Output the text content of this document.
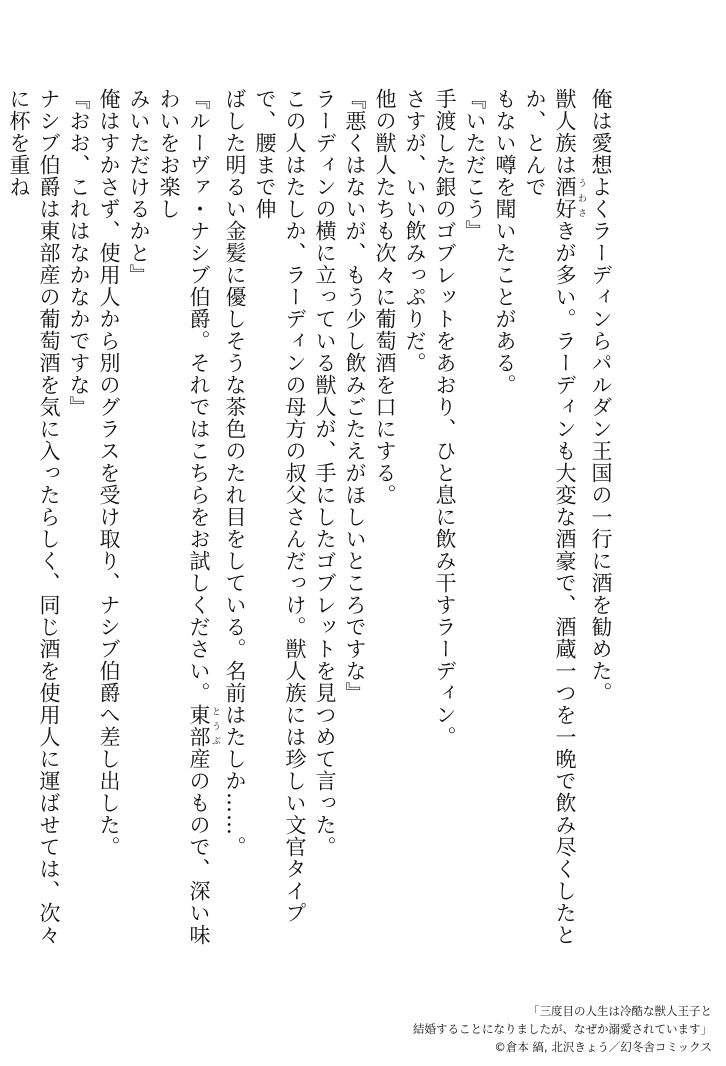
俺は愛想よくラーディンらパルダン王国の一行に酒を勧めた。

獣人族は酒好 うわさきが多い。ラーディンも大変な酒豪で、酒蔵一つを一晩で飲み尽くしたとか、とんで

もない噂を聞いたことがある。

『いただこう』

手渡した銀のゴブレットをあおり、ひと息に飲み干すラーディン。

さすが、いい飲みっぷりだ。

他の獣人たちも次々に葡萄酒を口にする。

『悪くはないが、もう少し飲みごたえがほしいところですな』

ラーディンの横に立っている獣人が、手にしたゴブレットを見つめて言った。

この人はたしか、ラーディンの母方の叔父さんだっけ。獣人族には珍しい文官タイプで、腰まで伸

ばした明るい金髪に優しそうな茶色のたれ目をしている。名前はたしか……。

『ルーヴァ・ナシブ伯爵。それではこちらをお試しください。東部 とうぶ産のもので、深い味わいをお楽し

みいただけるかと』

俺はすかさず、使用人から別のグラスを受け取り、ナシブ伯爵へ差し出した。

『おお、これはなかなかですな』

ナシブ伯爵は東部産の葡萄酒を気に入ったらしく、同じ酒を使用人に運ばせては、次々に杯を重ね

「三度目の人生は冷酷な獣人王子と
結婚することになりましたが、なぜか溺愛されています」
©倉本 縞, 北沢きょう／幻冬舎コミックス
